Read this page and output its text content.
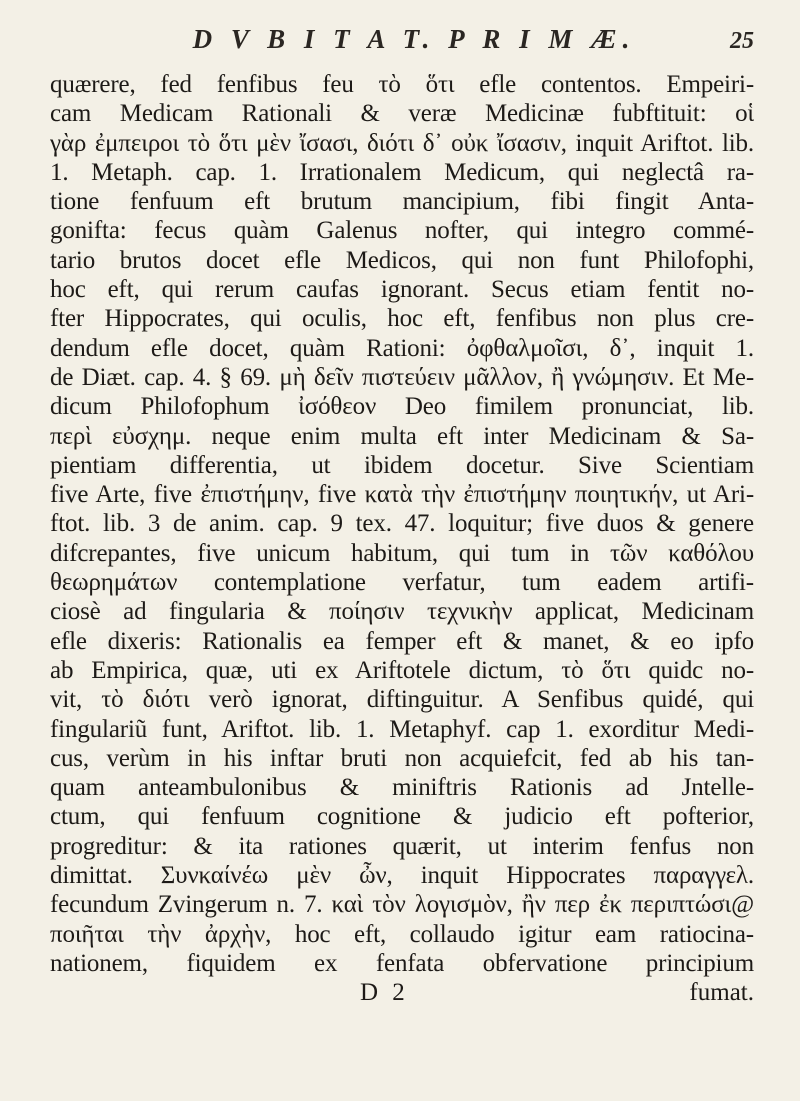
D V B I T A T. P R I M Æ.	25
quærere, fed fenfibus feu τὸ ὅτι efle contentos. Empeiri-
cam Medicam Rationali & veræ Medicinæ fubftituit: οἱ
γὰρ ἐμπειροι τὸ ὅτι μὲν ἴσασι, διότι δ᾽ οὐκ ἴσασιν, inquit Ariftot. lib.
1. Metaph. cap. 1. Irrationalem Medicum, qui neglectâ ra-
tione fenfuum eft brutum mancipium, fibi fingit Anta-
gonifta: fecus quàm Galenus nofter, qui integro commé-
tario brutos docet efle Medicos, qui non funt Philofophi,
hoc eft, qui rerum caufas ignorant. Secus etiam fentit no-
fter Hippocrates, qui oculis, hoc eft, fenfibus non plus cre-
dendum efle docet, quàm Rationi: ὀφθαλμοῖσι, δ᾽, inquit 1.
de Diæt. cap. 4. § 69. μὴ δεῖν πιστεύειν μᾶλλον, ἢ γνώμησιν. Et Me-
dicum Philofophum ἰσόθεον Deo fimilem pronunciat, lib.
περὶ εὐσχημ. neque enim multa eft inter Medicinam & Sa-
pientiam differentia, ut ibidem docetur. Sive Scientiam
five Arte, five ἐπιστήμην, five κατὰ τὴν ἐπιστήμην ποιητικήν, ut Ari-
ftot. lib. 3 de anim. cap. 9 tex. 47. loquitur; five duos & genere
difcrepantes, five unicum habitum, qui tum in τῶν καθόλου
θεωρημάτων contemplatione verfatur, tum eadem artifi-
ciosè ad fingularia & ποίησιν τεχνικὴν applicat, Medicinam
efle dixeris: Rationalis ea femper eft & manet, & eo ipfo
ab Empirica, quæ, uti ex Ariftotele dictum, τὸ ὅτι quidc no-
vit, τὸ διότι verò ignorat, diftinguitur. A Senfibus quidé, qui
fingulariũ funt, Ariftot. lib. 1. Metaphyf. cap 1. exorditur Medi-
cus, verùm in his inftar bruti non acquiefcit, fed ab his tan-
quam anteambulonibus & miniftris Rationis ad Jntelle-
ctum, qui fenfuum cognitione & judicio eft pofterior,
progreditur: & ita rationes quærit, ut interim fenfus non
dimittat. Συνκαίνέω μὲν ὦν, inquit Hippocrates παραγγελ.
fecundum Zvingerum n. 7. καὶ τὸν λογισμὸν, ἢν περ ἐκ περιπτώσι@
ποιῆται τὴν ἀρχὴν, hoc eft, collaudo igitur eam ratiocina-
nationem, fiquidem ex fenfata obfervatione principium
D 2	fumat.
